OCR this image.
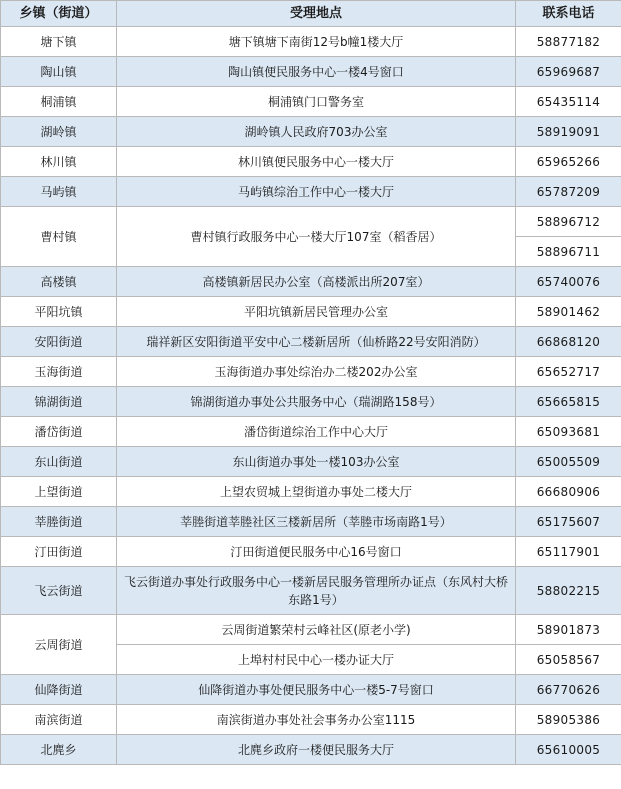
乡镇（街道）	受理地点	联系电话
塘下镇	塘下镇塘下南街12号b幢1楼大厅	58877182
陶山镇	陶山镇便民服务中心一楼4号窗口	65969687
桐浦镇	桐浦镇门口警务室	65435114
湖岭镇	湖岭镇人民政府703办公室	58919091
林川镇	林川镇便民服务中心一楼大厅	65965266
马屿镇	马屿镇综治工作中心一楼大厅	65787209
曹村镇	曹村镇行政服务中心一楼大厅107室（稻香居）	58896712
		58896711
高楼镇	高楼镇新居民办公室（高楼派出所207室）	65740076
平阳坑镇	平阳坑镇新居民管理办公室	58901462
安阳街道	瑞祥新区安阳街道平安中心二楼新居所（仙桥路22号安阳消防）	66868120
玉海街道	玉海街道办事处综治办二楼202办公室	65652717
锦湖街道	锦湖街道办事处公共服务中心（瑞湖路158号）	65665815
潘岱街道	潘岱街道综治工作中心大厅	65093681
东山街道	东山街道办事处一楼103办公室	65005509
上望街道	上望农贸城上望街道办事处二楼大厅	66680906
莘塍街道	莘塍街道莘塍社区三楼新居所（莘塍市场南路1号）	65175607
汀田街道	汀田街道便民服务中心16号窗口	65117901
飞云街道	飞云街道办事处行政服务中心一楼新居民服务管理所办证点（东风村大桥东路1号）	58802215
云周街道	云周街道繁荣村云峰社区(原老小学)	58901873
	上埠村村民中心一楼办证大厅	65058567
仙降街道	仙降街道办事处便民服务中心一楼5-7号窗口	66770626
南滨街道	南滨街道办事处社会事务办公室1115	58905386
北麂乡	北麂乡政府一楼便民服务大厅	65610005
